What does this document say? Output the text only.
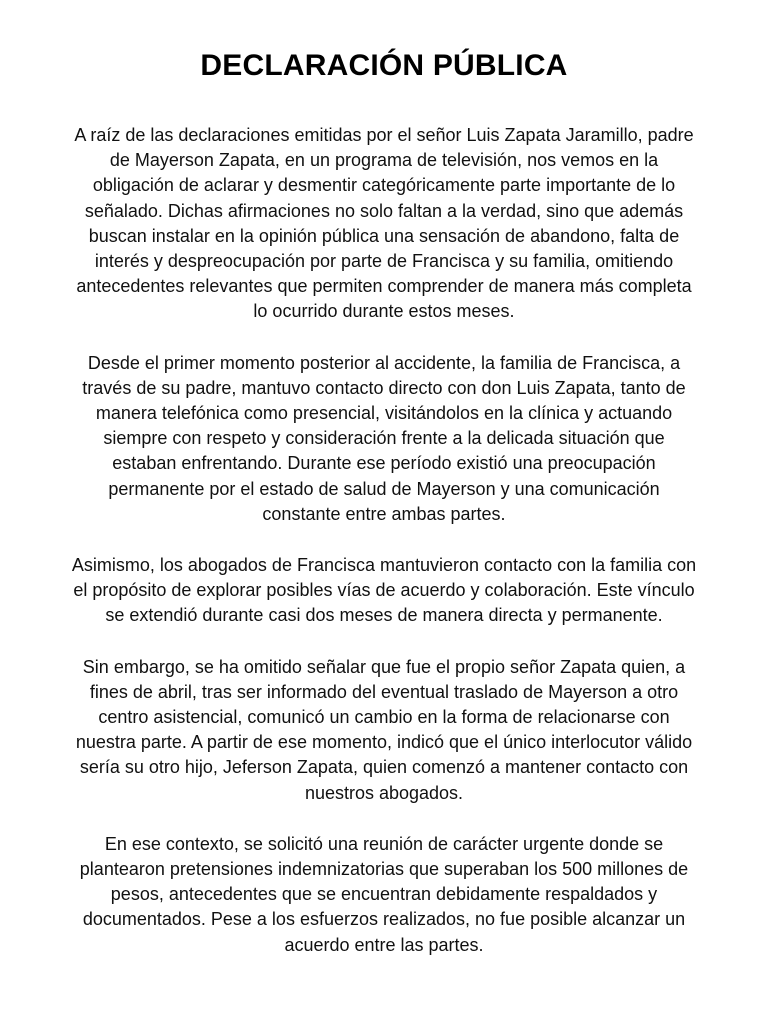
DECLARACIÓN PÚBLICA

A raíz de las declaraciones emitidas por el señor Luis Zapata Jaramillo, padre
de Mayerson Zapata, en un programa de televisión, nos vemos en la
obligación de aclarar y desmentir categóricamente parte importante de lo
señalado. Dichas afirmaciones no solo faltan a la verdad, sino que además
buscan instalar en la opinión pública una sensación de abandono, falta de
interés y despreocupación por parte de Francisca y su familia, omitiendo
antecedentes relevantes que permiten comprender de manera más completa
lo ocurrido durante estos meses.

Desde el primer momento posterior al accidente, la familia de Francisca, a
través de su padre, mantuvo contacto directo con don Luis Zapata, tanto de
manera telefónica como presencial, visitándolos en la clínica y actuando
siempre con respeto y consideración frente a la delicada situación que
estaban enfrentando. Durante ese período existió una preocupación
permanente por el estado de salud de Mayerson y una comunicación
constante entre ambas partes.

Asimismo, los abogados de Francisca mantuvieron contacto con la familia con
el propósito de explorar posibles vías de acuerdo y colaboración. Este vínculo
se extendió durante casi dos meses de manera directa y permanente.

Sin embargo, se ha omitido señalar que fue el propio señor Zapata quien, a
fines de abril, tras ser informado del eventual traslado de Mayerson a otro
centro asistencial, comunicó un cambio en la forma de relacionarse con
nuestra parte. A partir de ese momento, indicó que el único interlocutor válido
sería su otro hijo, Jeferson Zapata, quien comenzó a mantener contacto con
nuestros abogados.

En ese contexto, se solicitó una reunión de carácter urgente donde se
plantearon pretensiones indemnizatorias que superaban los 500 millones de
pesos, antecedentes que se encuentran debidamente respaldados y
documentados. Pese a los esfuerzos realizados, no fue posible alcanzar un
acuerdo entre las partes.
